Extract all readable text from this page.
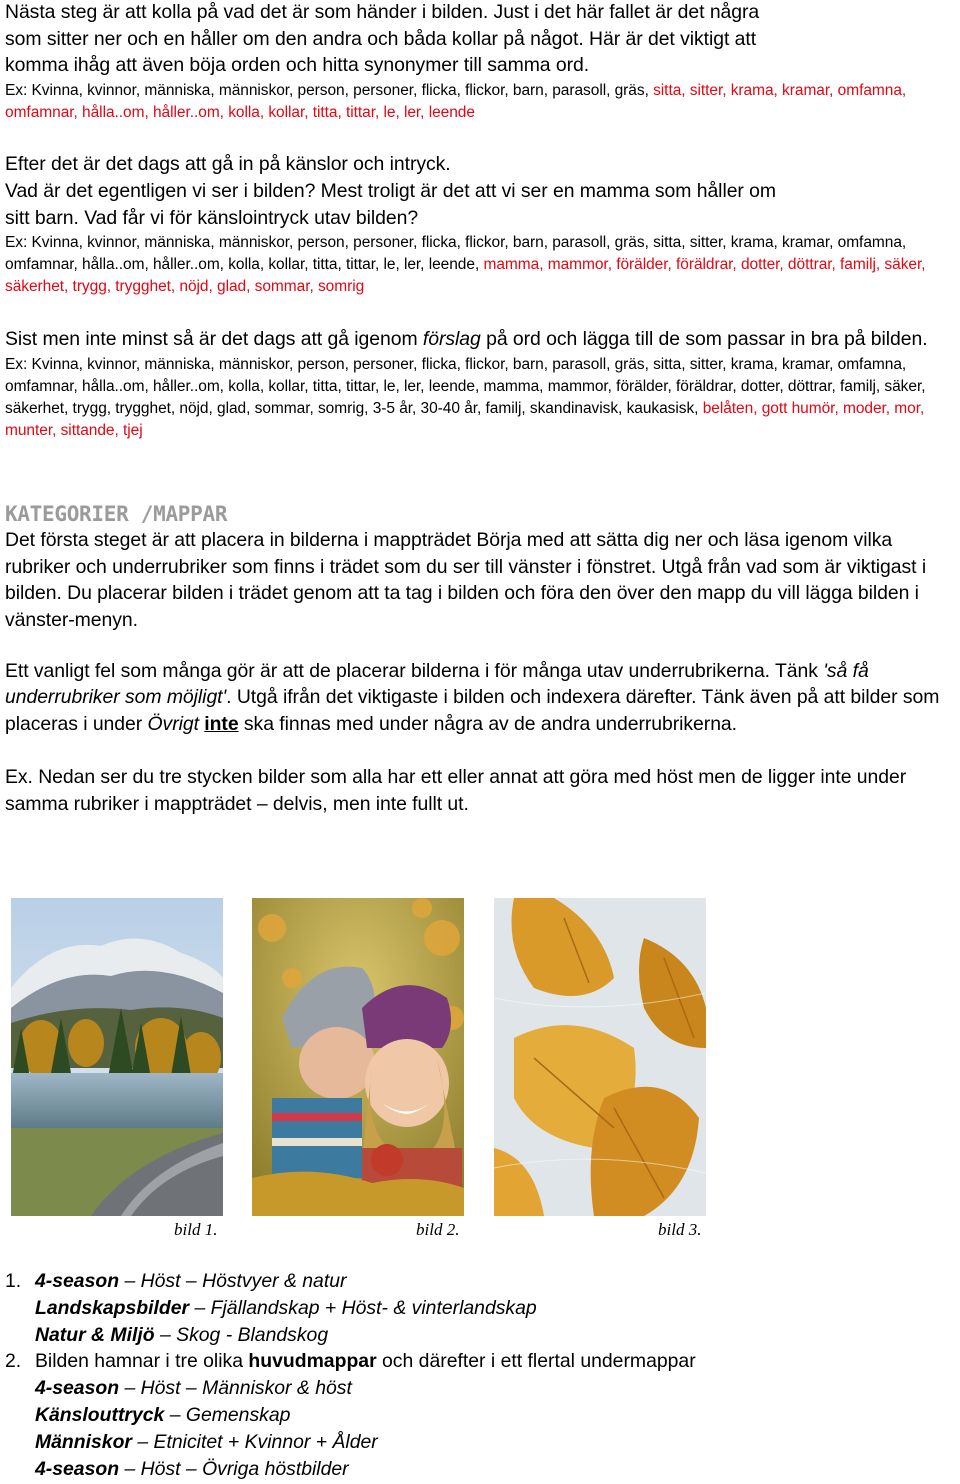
Nästa steg är att kolla på vad det är som händer i bilden. Just i det här fallet är det några
som sitter ner och en håller om den andra och båda kollar på något. Här är det viktigt att
komma ihåg att även böja orden och hitta synonymer till samma ord.

Ex: Kvinna, kvinnor, människa, människor, person, personer, flicka, flickor, barn, parasoll, gräs, sitta, sitter, krama, kramar, omfamna, omfamnar, hålla..om, håller..om, kolla, kollar, titta, tittar, le, ler, leende

Efter det är det dags att gå in på känslor och intryck.
Vad är det egentligen vi ser i bilden? Mest troligt är det att vi ser en mamma som håller om
sitt barn. Vad får vi för känslointryck utav bilden?

Ex: Kvinna, kvinnor, människa, människor, person, personer, flicka, flickor, barn, parasoll, gräs, sitta, sitter, krama, kramar, omfamna, omfamnar, hålla..om, håller..om, kolla, kollar, titta, tittar, le, ler, leende, mamma, mammor, förälder, föräldrar, dotter, döttrar, familj, säker, säkerhet, trygg, trygghet, nöjd, glad, sommar, somrig

Sist men inte minst så är det dags att gå igenom förslag på ord och lägga till de som passar in bra på bilden.

Ex: Kvinna, kvinnor, människa, människor, person, personer, flicka, flickor, barn, parasoll, gräs, sitta, sitter, krama, kramar, omfamna, omfamnar, hålla..om, håller..om, kolla, kollar, titta, tittar, le, ler, leende, mamma, mammor, förälder, föräldrar, dotter, döttrar, familj, säker, säkerhet, trygg, trygghet, nöjd, glad, sommar, somrig, 3-5 år, 30-40 år, familj, skandinavisk, kaukasisk, belåten, gott humör, moder, mor, munter, sittande, tjej

KATEGORIER /MAPPAR

Det första steget är att placera in bilderna i mappträdet Börja med att sätta dig ner och läsa igenom vilka rubriker och underrubriker som finns i trädet som du ser till vänster i fönstret. Utgå från vad som är viktigast i bilden. Du placerar bilden i trädet genom att ta tag i bilden och föra den över den mapp du vill lägga bilden i vänster-menyn.

Ett vanligt fel som många gör är att de placerar bilderna i för många utav underrubrikerna. Tänk 'så få underrubriker som möjligt'. Utgå ifrån det viktigaste i bilden och indexera därefter. Tänk även på att bilder som placeras i under Övrigt inte ska finnas med under några av de andra underrubrikerna.

Ex. Nedan ser du tre stycken bilder som alla har ett eller annat att göra med höst men de ligger inte under samma rubriker i mappträdet – delvis, men inte fullt ut.

bild 1.	bild 2.	bild 3.
1. 4-season – Höst – Höstvyer & natur
Landskapsbilder – Fjällandskap + Höst- & vinterlandskap
Natur & Miljö – Skog - Blandskog
2. Bilden hamnar i tre olika huvudmappar och därefter i ett flertal undermappar
4-season – Höst – Människor & höst
Känslouttryck – Gemenskap
Människor – Etnicitet + Kvinnor + Ålder
4-season – Höst – Övriga höstbilder
